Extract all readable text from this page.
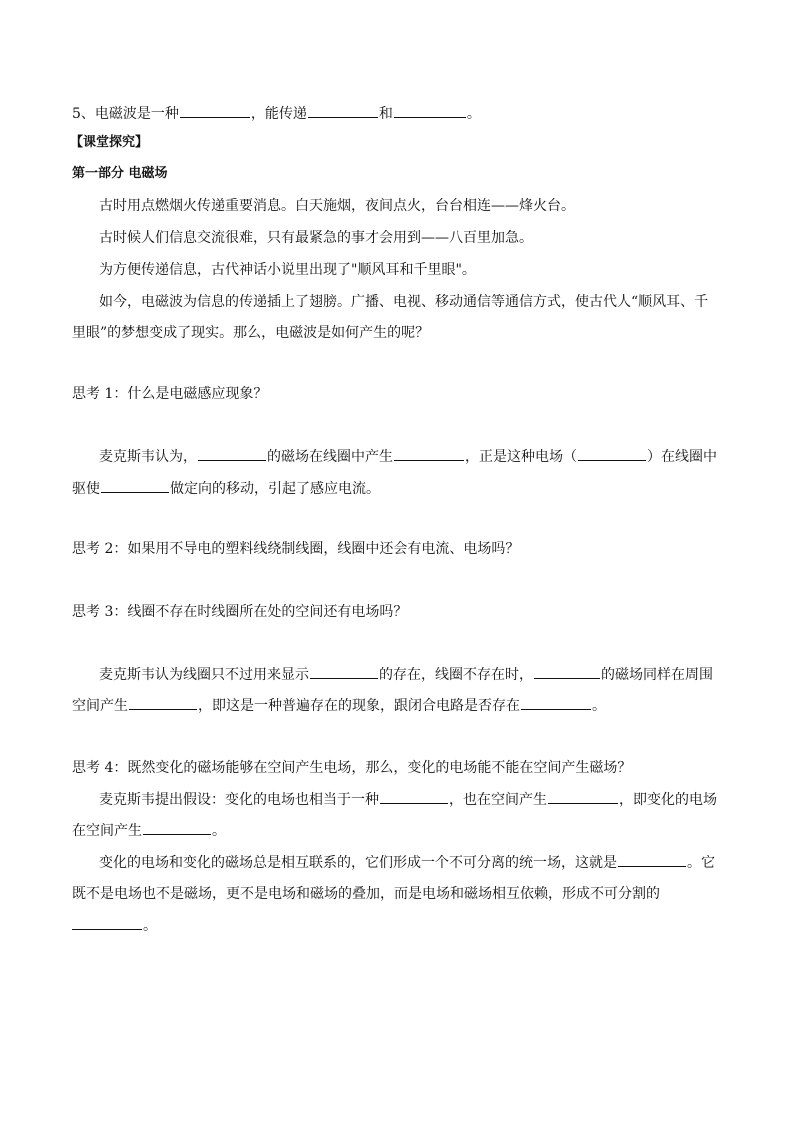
5、电磁波是一种	，能传递	和	。
【课堂探究】
第一部分 电磁场
古时用点燃烟火传递重要消息。白天施烟，夜间点火，台台相连——烽火台。
古时候人们信息交流很难，只有最紧急的事才会用到——八百里加急。
为方便传递信息，古代神话小说里出现了"顺风耳和千里眼"。
如今，电磁波为信息的传递插上了翅膀。广播、电视、移动通信等通信方式，使古代人“顺风耳、千
里眼”的梦想变成了现实。那么，电磁波是如何产生的呢？
思考 1：什么是电磁感应现象？
麦克斯韦认为，	的磁场在线圈中产生	，正是这种电场（	）在线圈中
驱使	做定向的移动，引起了感应电流。
思考 2：如果用不导电的塑料线绕制线圈，线圈中还会有电流、电场吗？
思考 3：线圈不存在时线圈所在处的空间还有电场吗？
麦克斯韦认为线圈只不过用来显示	的存在，线圈不存在时，	的磁场同样在周围
空间产生	，即这是一种普遍存在的现象，跟闭合电路是否存在	。
思考 4：既然变化的磁场能够在空间产生电场，那么，变化的电场能不能在空间产生磁场？
麦克斯韦提出假设：变化的电场也相当于一种	，也在空间产生	，即变化的电场
在空间产生	。
变化的电场和变化的磁场总是相互联系的，它们形成一个不可分离的统一场，这就是	。它
既不是电场也不是磁场，更不是电场和磁场的叠加，而是电场和磁场相互依赖，形成不可分割的
。
